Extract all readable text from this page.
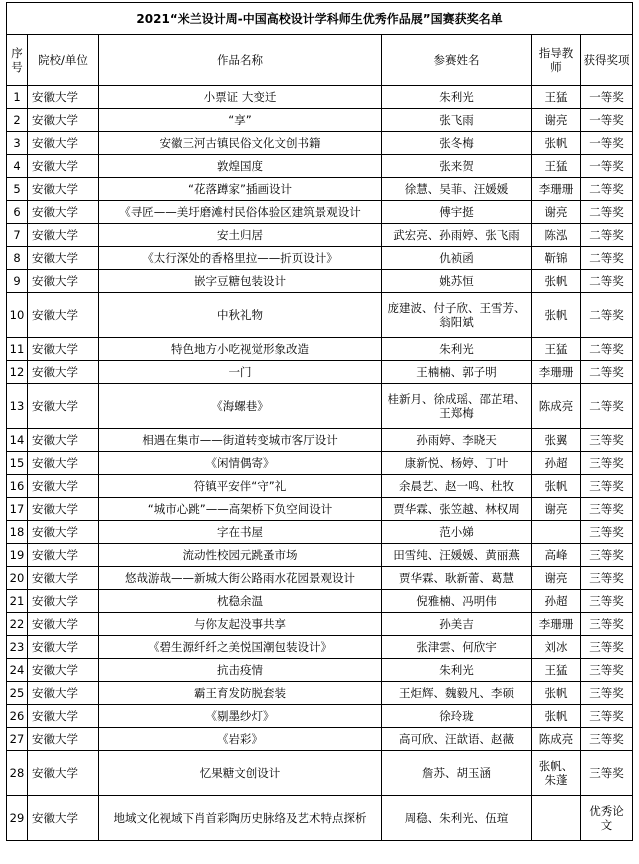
2021“米兰设计周-中国高校设计学科师生优秀作品展”国赛获奖名单					
序号	院校/单位	作品名称	参赛姓名	指导教师	获得奖项
1	安徽大学	小票证 大变迁	朱利光	王猛	一等奖
2	安徽大学	“享”	张飞雨	谢亮	一等奖
3	安徽大学	安徽三河古镇民俗文化文创书籍	张冬梅	张帆	一等奖
4	安徽大学	敦煌国度	张来贺	王猛	一等奖
5	安徽大学	“花落蹲家”插画设计	徐慧、吴菲、汪媛媛	李珊珊	二等奖
6	安徽大学	《寻匠——美圩磨滩村民俗体验区建筑景观设计	傅宇挺	谢亮	二等奖
7	安徽大学	安土归居	武宏亮、孙雨婷、张飞雨	陈泓	二等奖
8	安徽大学	《太行深处的香格里拉——折页设计》	仇祯函	靳锦	二等奖
9	安徽大学	嵌字豆糖包装设计	姚苏恒	张帆	二等奖
10	安徽大学	中秋礼物	庞建波、付子欣、王雪芳、
翁阳斌	张帆	二等奖
11	安徽大学	特色地方小吃视觉形象改造	朱利光	王猛	二等奖
12	安徽大学	一门	王楠楠、郭子明	李珊珊	二等奖
13	安徽大学	《海螺巷》	桂新月、徐成瑶、邵芷珺、
王郑梅	陈成亮	二等奖
14	安徽大学	相遇在集市——街道转变城市客厅设计	孙雨婷、李晓天	张翼	三等奖
15	安徽大学	《闲情偶寄》	康新悦、杨婷、丁叶	孙超	三等奖
16	安徽大学	符镇平安伴“守”礼	余晨艺、赵一鸣、杜牧	张帆	三等奖
17	安徽大学	“城市心跳”——高架桥下负空间设计	贾华霖、张笠越、林权周	谢亮	三等奖
18	安徽大学	字在书屋	范小娣		三等奖
19	安徽大学	流动性校园元跳蚤市场	田雪纯、汪媛媛、黄丽燕	高峰	三等奖
20	安徽大学	悠哉游哉——新城大街公路雨水花园景观设计	贾华霖、耿新蕾、葛慧	谢亮	三等奖
21	安徽大学	枕稳余温	倪雅楠、冯明伟	孙超	三等奖
22	安徽大学	与你友起没事共享	孙美吉	李珊珊	三等奖
23	安徽大学	《碧生源纤纤之美悦国潮包装设计》	张津雲、何欣宇	刘冰	三等奖
24	安徽大学	抗击疫情	朱利光	王猛	三等奖
25	安徽大学	霸王育发防脱套装	王炬辉、魏毅凡、李硕	张帆	三等奖
26	安徽大学	《剔墨纱灯》	徐玲珑	张帆	三等奖
27	安徽大学	《岩彩》	高可欣、汪歆语、赵薇	陈成亮	三等奖
28	安徽大学	忆果糖文创设计	詹苏、胡玉涵	张帆、
朱蓬	三等奖
29	安徽大学	地域文化视域下肖首彩陶历史脉络及艺术特点探析	周稳、朱利光、伍瑄		优秀论
文
